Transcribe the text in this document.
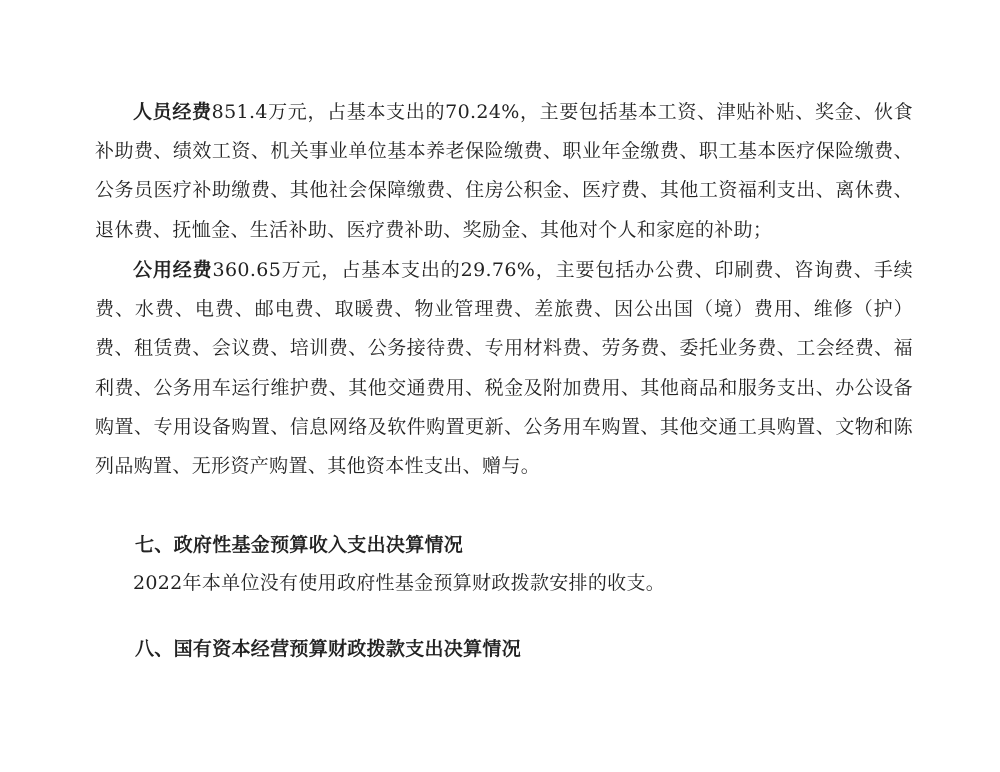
人员经费851.4万元，占基本支出的70.24%，主要包括基本工资、津贴补贴、奖金、伙食补助费、绩效工资、机关事业单位基本养老保险缴费、职业年金缴费、职工基本医疗保险缴费、公务员医疗补助缴费、其他社会保障缴费、住房公积金、医疗费、其他工资福利支出、离休费、退休费、抚恤金、生活补助、医疗费补助、奖励金、其他对个人和家庭的补助；

公用经费360.65万元，占基本支出的29.76%，主要包括办公费、印刷费、咨询费、手续费、水费、电费、邮电费、取暖费、物业管理费、差旅费、因公出国（境）费用、维修（护）费、租赁费、会议费、培训费、公务接待费、专用材料费、劳务费、委托业务费、工会经费、福利费、公务用车运行维护费、其他交通费用、税金及附加费用、其他商品和服务支出、办公设备购置、专用设备购置、信息网络及软件购置更新、公务用车购置、其他交通工具购置、文物和陈列品购置、无形资产购置、其他资本性支出、赠与。

七、政府性基金预算收入支出决算情况

2022年本单位没有使用政府性基金预算财政拨款安排的收支。

八、国有资本经营预算财政拨款支出决算情况
